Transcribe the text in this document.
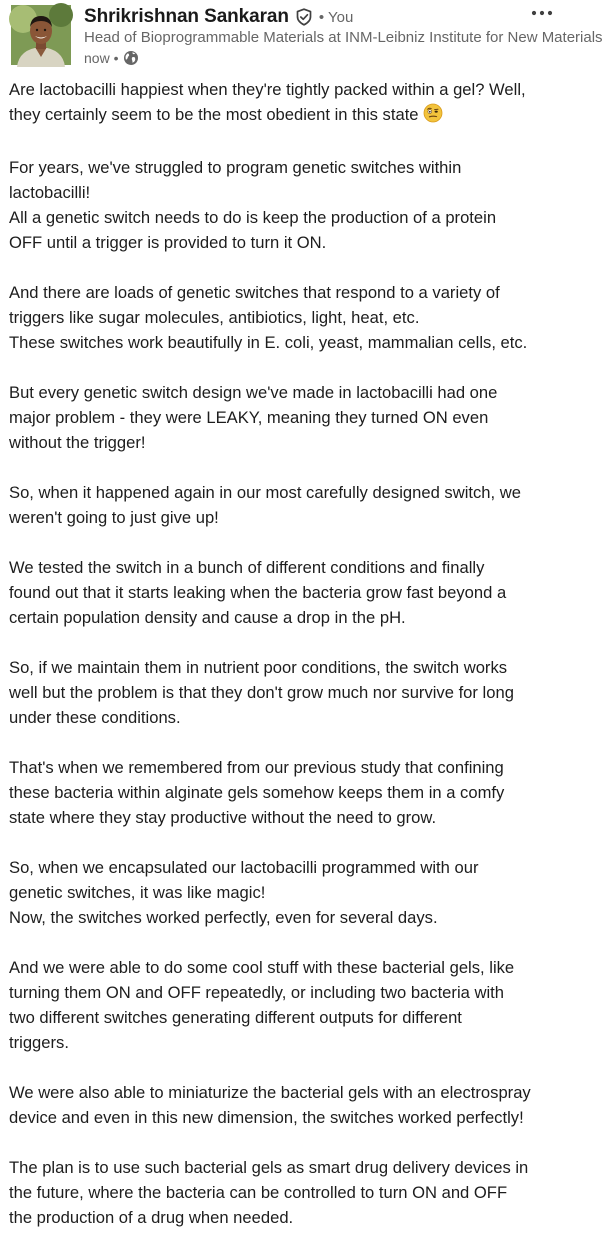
Shrikrishnan Sankaran • You
Head of Bioprogrammable Materials at INM-Leibniz Institute for New Materials
now •
Are lactobacilli happiest when they're tightly packed within a gel? Well,
they certainly seem to be the most obedient in this state
For years, we've struggled to program genetic switches within
lactobacilli!
All a genetic switch needs to do is keep the production of a protein
OFF until a trigger is provided to turn it ON.
And there are loads of genetic switches that respond to a variety of
triggers like sugar molecules, antibiotics, light, heat, etc.
These switches work beautifully in E. coli, yeast, mammalian cells, etc.
But every genetic switch design we've made in lactobacilli had one
major problem - they were LEAKY, meaning they turned ON even
without the trigger!
So, when it happened again in our most carefully designed switch, we
weren't going to just give up!
We tested the switch in a bunch of different conditions and finally
found out that it starts leaking when the bacteria grow fast beyond a
certain population density and cause a drop in the pH.
So, if we maintain them in nutrient poor conditions, the switch works
well but the problem is that they don't grow much nor survive for long
under these conditions.
That's when we remembered from our previous study that confining
these bacteria within alginate gels somehow keeps them in a comfy
state where they stay productive without the need to grow.
So, when we encapsulated our lactobacilli programmed with our
genetic switches, it was like magic!
Now, the switches worked perfectly, even for several days.
And we were able to do some cool stuff with these bacterial gels, like
turning them ON and OFF repeatedly, or including two bacteria with
two different switches generating different outputs for different
triggers.
We were also able to miniaturize the bacterial gels with an electrospray
device and even in this new dimension, the switches worked perfectly!
The plan is to use such bacterial gels as smart drug delivery devices in
the future, where the bacteria can be controlled to turn ON and OFF
the production of a drug when needed.
